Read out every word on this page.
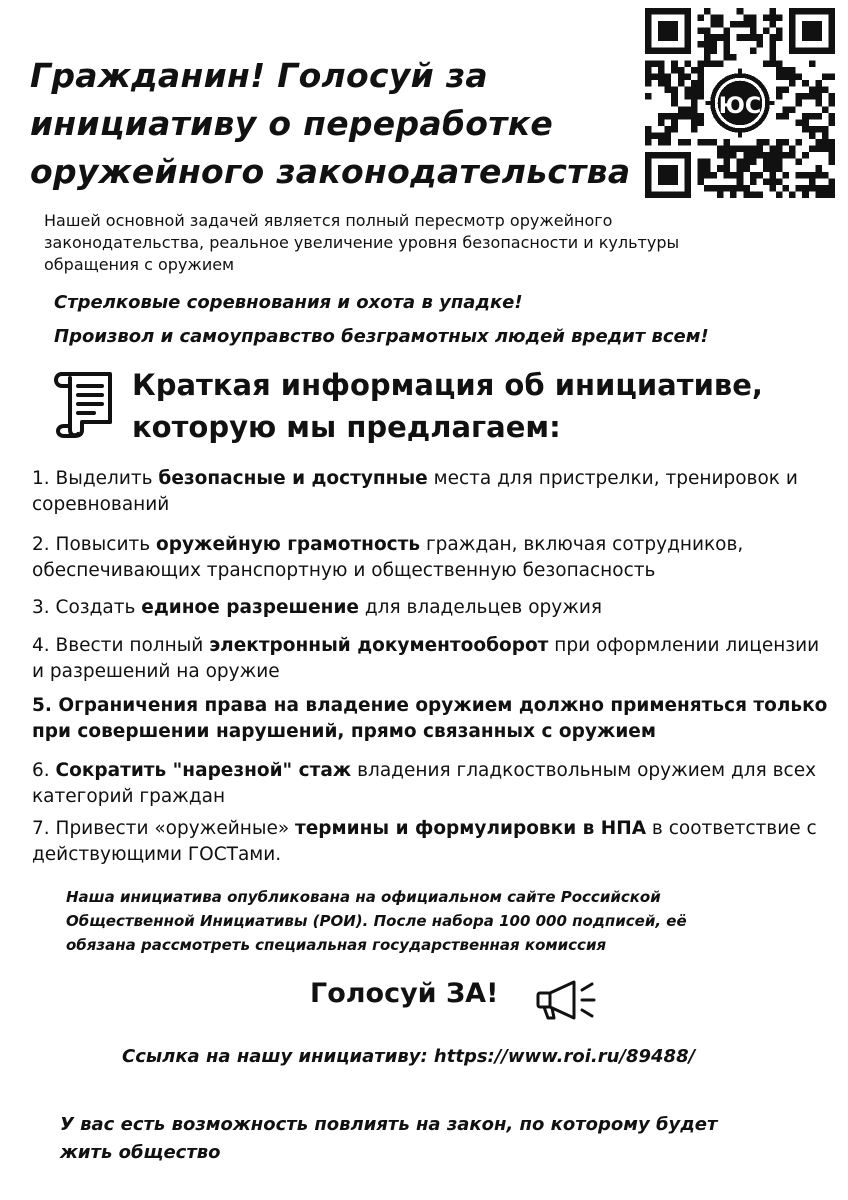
Гражданин! Голосуй за
инициативу о переработке
оружейного законодательства
ЮС

Нашей основной задачей является полный пересмотр оружейного
законодательства, реальное увеличение уровня безопасности и культуры
обращения с оружием

Стрелковые соревнования и охота в упадке!

Произвол и самоуправство безграмотных людей вредит всем!

Краткая информация об инициативе,
которую мы предлагаем:

1. Выделить безопасные и доступные места для пристрелки, тренировок и соревнований

2. Повысить оружейную грамотность граждан, включая сотрудников, обеспечивающих транспортную и общественную безопасность

3. Создать единое разрешение для владельцев оружия

4. Ввести полный электронный документооборот при оформлении лицензии и разрешений на оружие

5. Ограничения права на владение оружием должно применяться только при совершении нарушений, прямо связанных с оружием

6. Сократить "нарезной" стаж владения гладкоствольным оружием для всех категорий граждан

7. Привести «оружейные» термины и формулировки в НПА в соответствие с действующими ГОСТами.

Наша инициатива опубликована на официальном сайте Российской
Общественной Инициативы (РОИ). После набора 100 000 подписей, её
обязана рассмотреть специальная государственная комиссия

Голосуй ЗА!

Ссылка на нашу инициативу: https://www.roi.ru/89488/

У вас есть возможность повлиять на закон, по которому будет
жить общество
